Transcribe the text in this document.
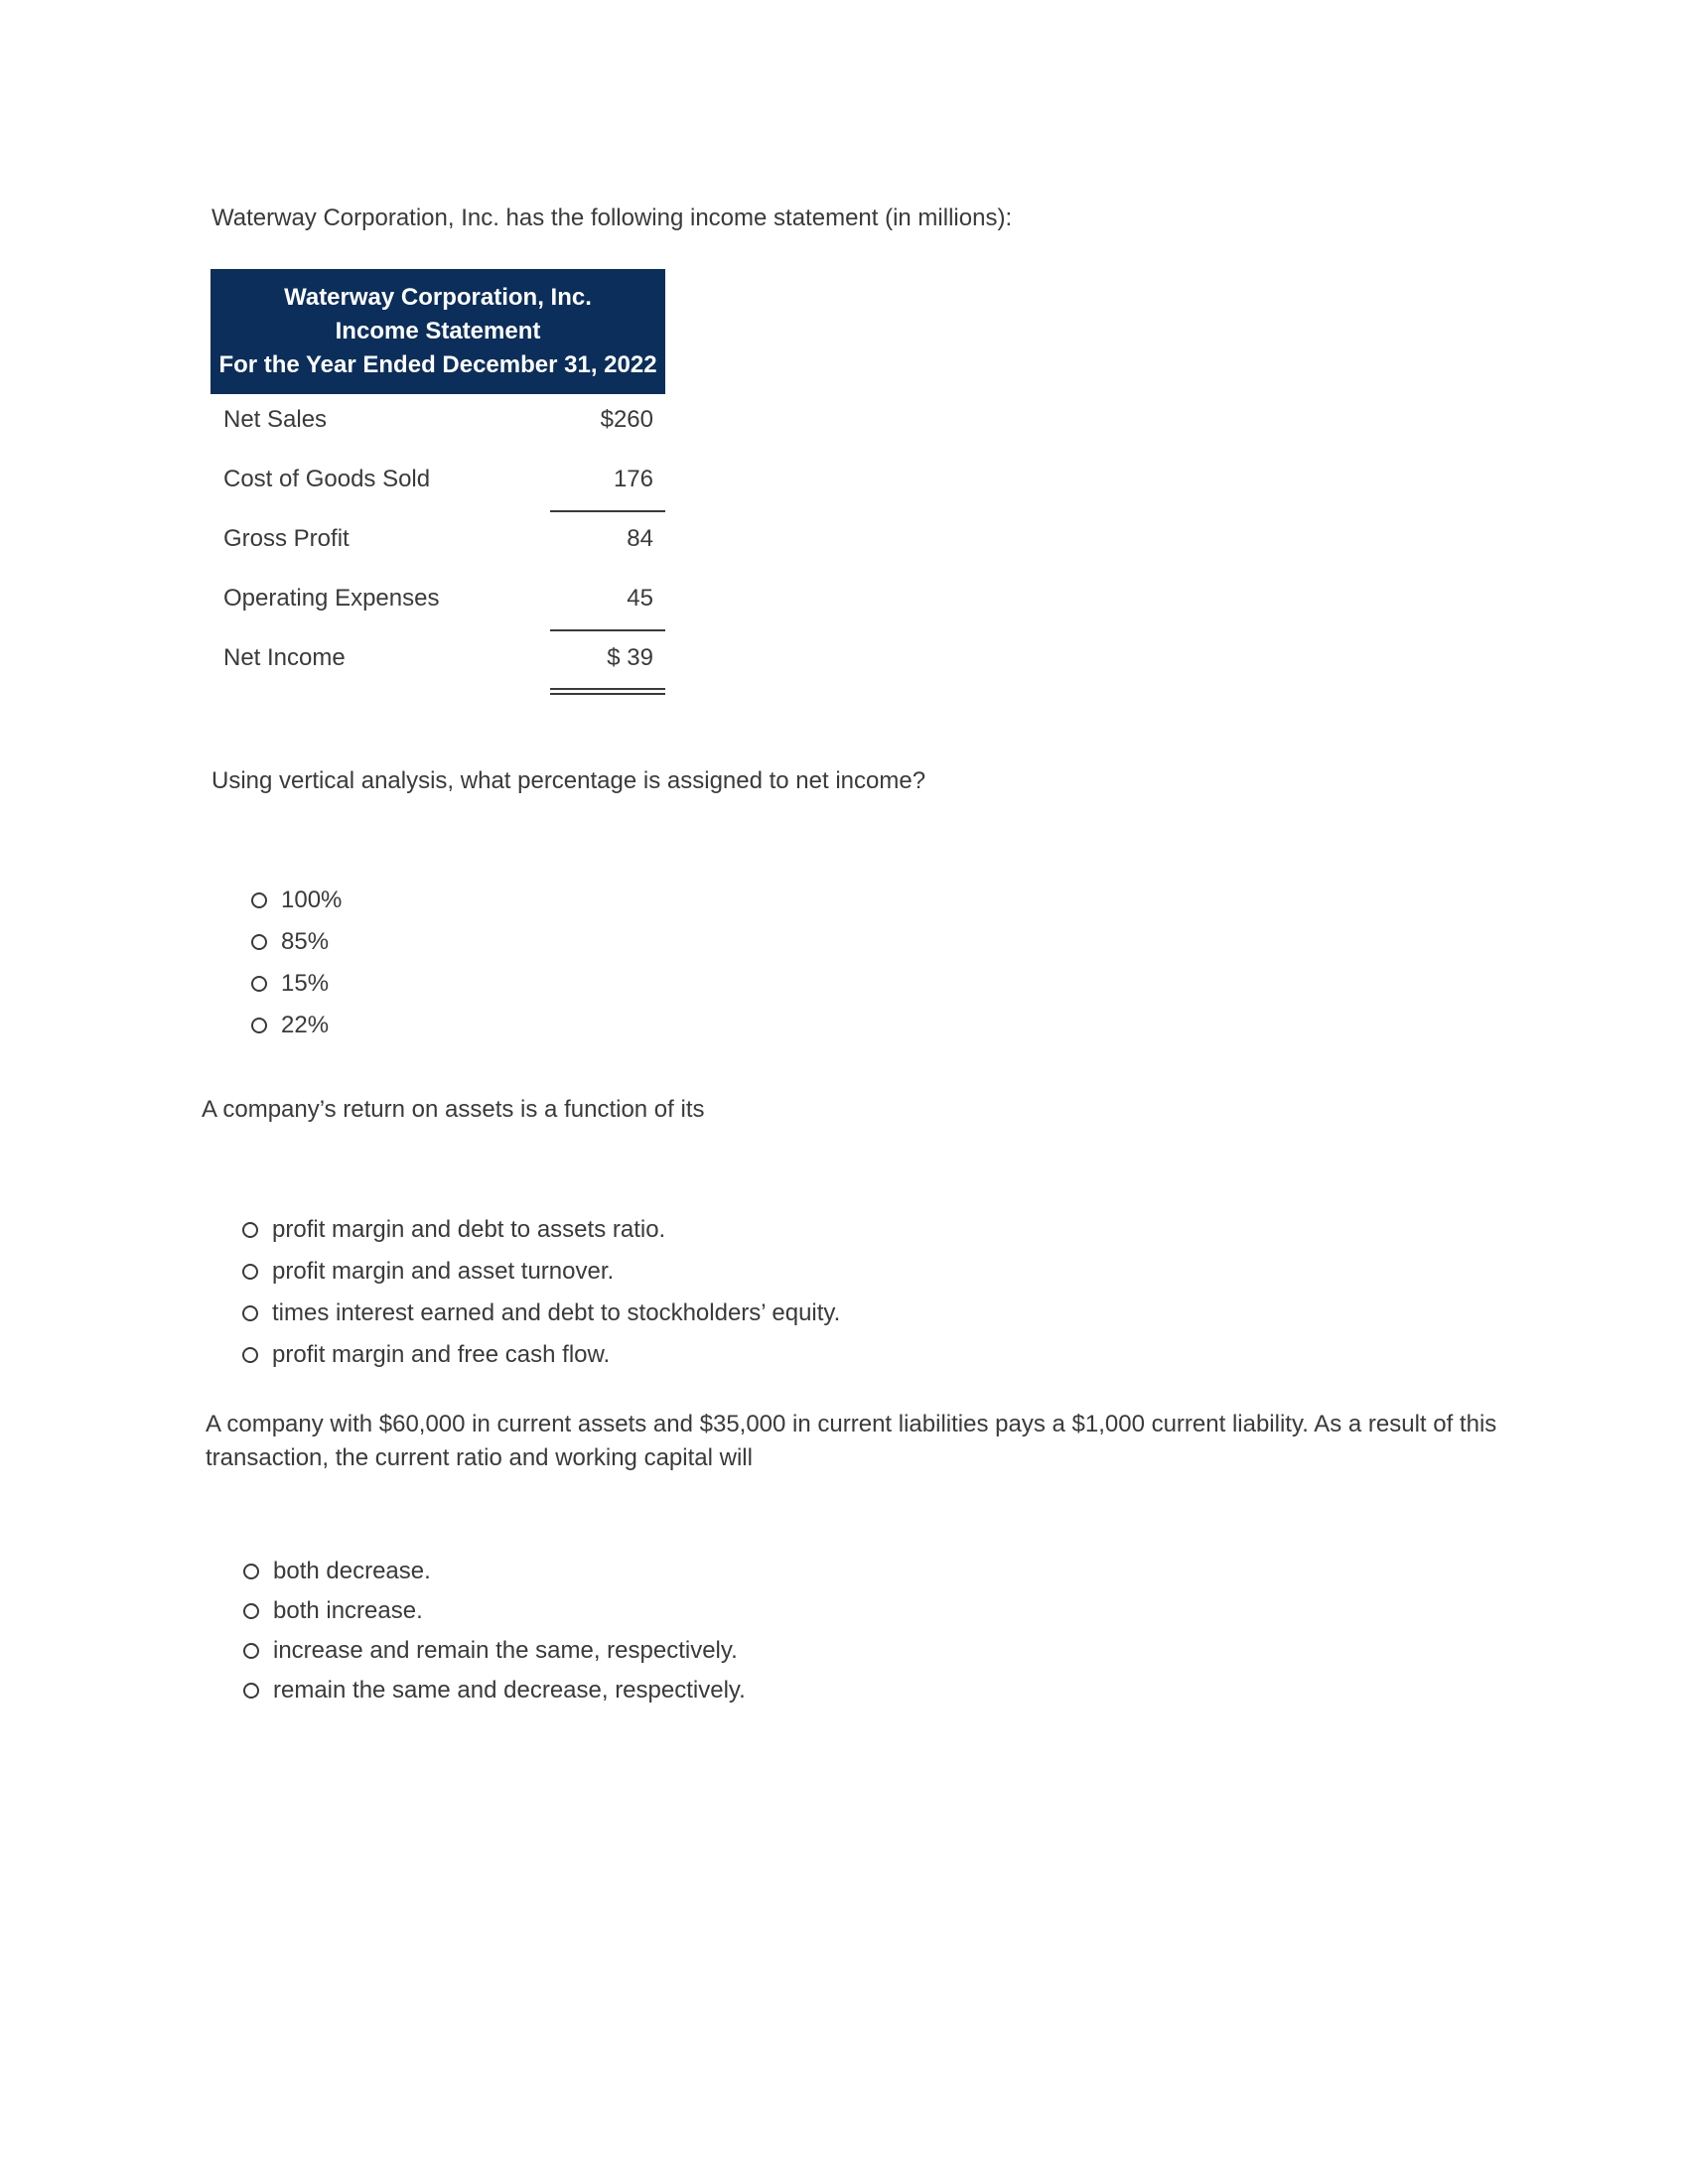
Waterway Corporation, Inc. has the following income statement (in millions):
Waterway Corporation, Inc.
Income Statement
For the Year Ended December 31, 2022
Net Sales	$260
Cost of Goods Sold	176
Gross Profit	84
Operating Expenses	45
Net Income	$ 39
Using vertical analysis, what percentage is assigned to net income?
100%
85%
15%
22%
A company’s return on assets is a function of its
profit margin and debt to assets ratio.
profit margin and asset turnover.
times interest earned and debt to stockholders’ equity.
profit margin and free cash flow.
A company with $60,000 in current assets and $35,000 in current liabilities pays a $1,000 current liability. As a result of this
transaction, the current ratio and working capital will
both decrease.
both increase.
increase and remain the same, respectively.
remain the same and decrease, respectively.
